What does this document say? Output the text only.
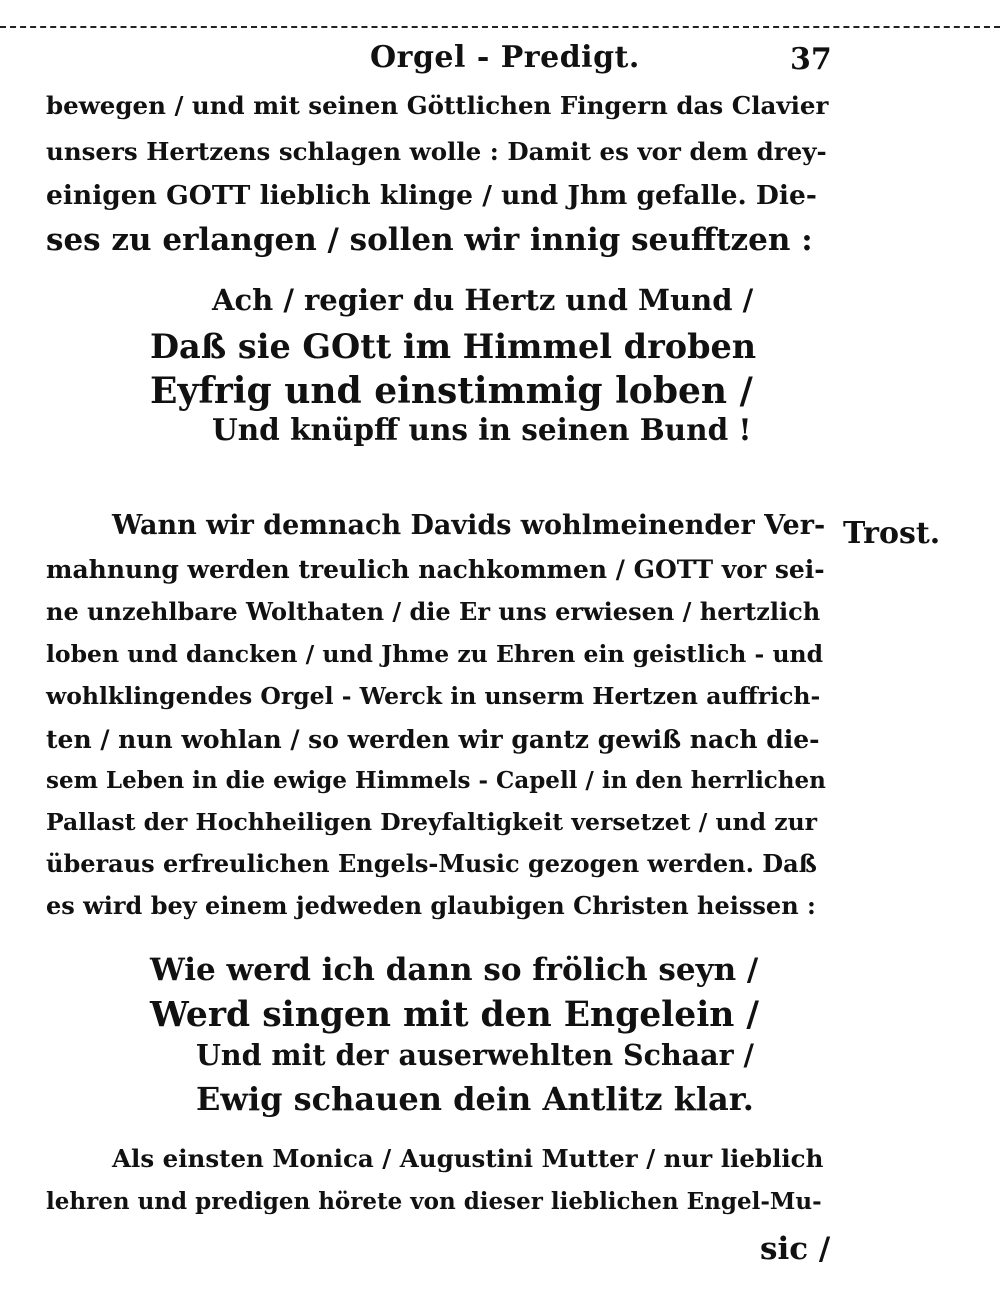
Orgel - Predigt.	37
bewegen / und mit seinen Göttlichen Fingern das Clavier
unsers Hertzens schlagen wolle : Damit es vor dem drey-
einigen GOTT lieblich klinge / und Jhm gefalle. Die-
ses zu erlangen / sollen wir innig seufftzen :
Ach / regier du Hertz und Mund /
Daß sie GOtt im Himmel droben
Eyfrig und einstimmig loben /
Und knüpff uns in seinen Bund !
Trost.
Wann wir demnach Davids wohlmeinender Ver-
mahnung werden treulich nachkommen / GOTT vor sei-
ne unzehlbare Wolthaten / die Er uns erwiesen / hertzlich
loben und dancken / und Jhme zu Ehren ein geistlich - und
wohlklingendes Orgel - Werck in unserm Hertzen auffrich-
ten / nun wohlan / so werden wir gantz gewiß nach die-
sem Leben in die ewige Himmels - Capell / in den herrlichen
Pallast der Hochheiligen Dreyfaltigkeit versetzet / und zur
überaus erfreulichen Engels-Music gezogen werden. Daß
es wird bey einem jedweden glaubigen Christen heissen :
Wie werd ich dann so frölich seyn /
Werd singen mit den Engelein /
Und mit der auserwehlten Schaar /
Ewig schauen dein Antlitz klar.
Als einsten Monica / Augustini Mutter / nur lieblich
lehren und predigen hörete von dieser lieblichen Engel-Mu-
sic /
